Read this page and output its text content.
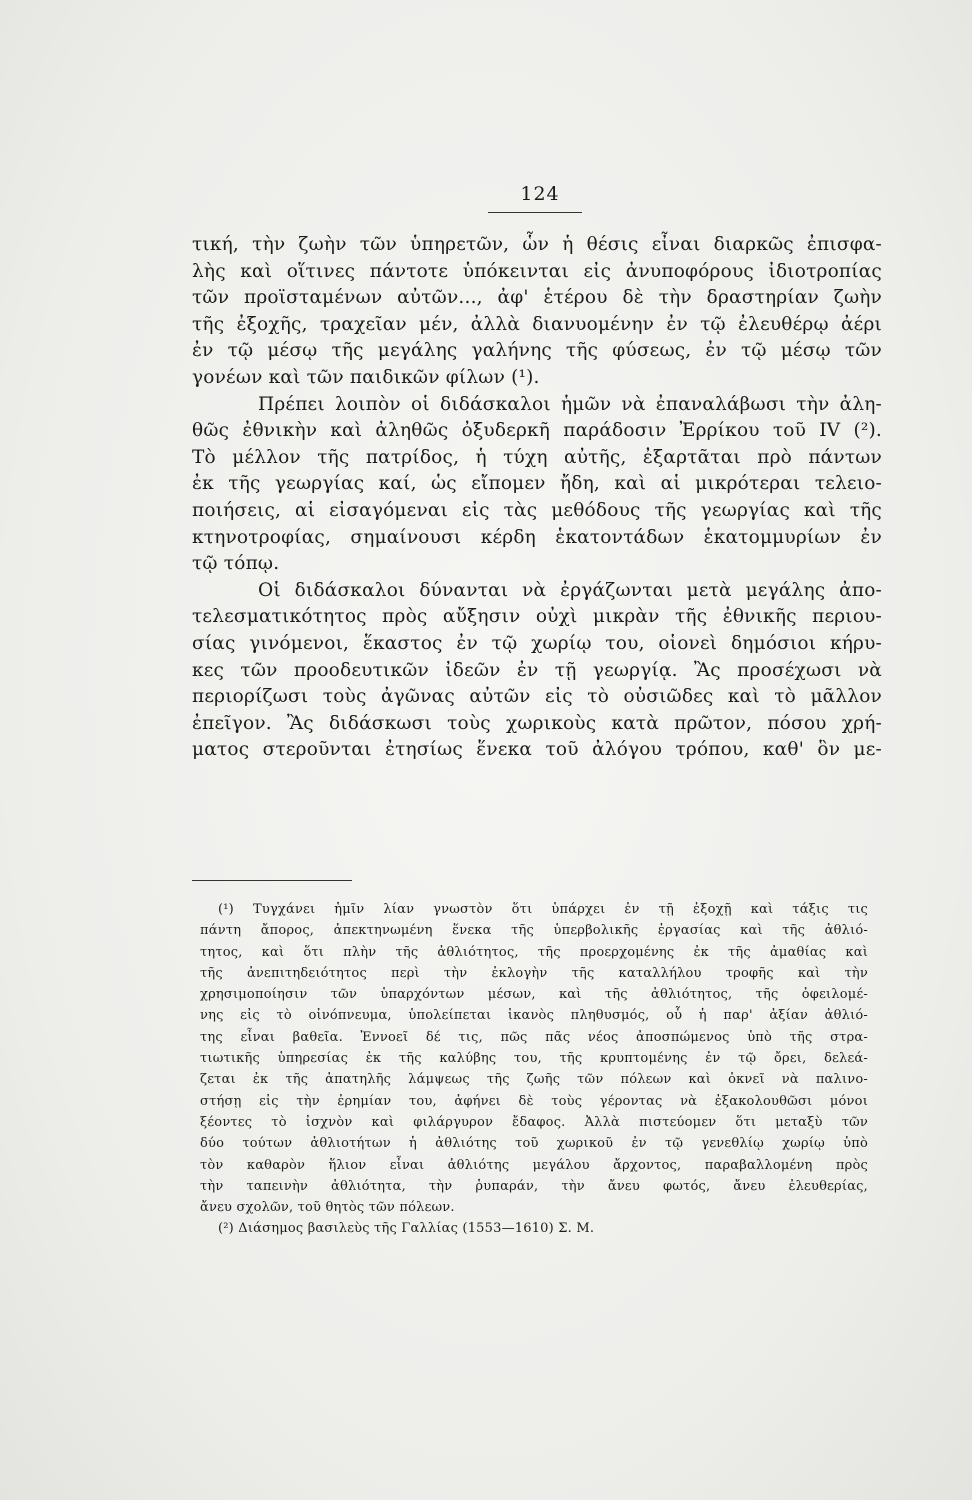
124
τική, τὴν ζωὴν τῶν ὑπηρετῶν, ὧν ἡ θέσις εἶναι διαρκῶς ἐπισφα-
λὴς καὶ οἵτινες πάντοτε ὑπόκεινται εἰς ἀνυποφόρους ἰδιοτροπίας
τῶν προϊσταμένων αὐτῶν..., ἀφ' ἑτέρου δὲ τὴν δραστηρίαν ζωὴν
τῆς ἐξοχῆς, τραχεῖαν μέν, ἀλλὰ διανυομένην ἐν τῷ ἐλευθέρῳ ἀέρι
ἐν τῷ μέσῳ τῆς μεγάλης γαλήνης τῆς φύσεως, ἐν τῷ μέσῳ τῶν
γονέων καὶ τῶν παιδικῶν φίλων (¹).
Πρέπει λοιπὸν οἱ διδάσκαλοι ἡμῶν νὰ ἐπαναλάβωσι τὴν ἀλη-
θῶς ἐθνικὴν καὶ ἀληθῶς ὀξυδερκῆ παράδοσιν Ἐρρίκου τοῦ IV (²).
Τὸ μέλλον τῆς πατρίδος, ἡ τύχη αὐτῆς, ἐξαρτᾶται πρὸ πάντων
ἐκ τῆς γεωργίας καί, ὡς εἴπομεν ἤδη, καὶ αἱ μικρότεραι τελειο-
ποιήσεις, αἱ εἰσαγόμεναι εἰς τὰς μεθόδους τῆς γεωργίας καὶ τῆς
κτηνοτροφίας, σημαίνουσι κέρδη ἑκατοντάδων ἑκατομμυρίων ἐν
τῷ τόπῳ.
Οἱ διδάσκαλοι δύνανται νὰ ἐργάζωνται μετὰ μεγάλης ἀπο-
τελεσματικότητος πρὸς αὔξησιν οὐχὶ μικρὰν τῆς ἐθνικῆς περιου-
σίας γινόμενοι, ἕκαστος ἐν τῷ χωρίῳ του, οἱονεὶ δημόσιοι κήρυ-
κες τῶν προοδευτικῶν ἰδεῶν ἐν τῇ γεωργίᾳ. Ἂς προσέχωσι νὰ
περιορίζωσι τοὺς ἀγῶνας αὐτῶν εἰς τὸ οὐσιῶδες καὶ τὸ μᾶλλον
ἐπεῖγον. Ἂς διδάσκωσι τοὺς χωρικοὺς κατὰ πρῶτον, πόσου χρή-
ματος στεροῦνται ἐτησίως ἕνεκα τοῦ ἀλόγου τρόπου, καθ' ὃν με-
(¹) Τυγχάνει ἡμῖν λίαν γνωστὸν ὅτι ὑπάρχει ἐν τῇ ἐξοχῇ καὶ τάξις τις
πάντη ἄπορος, ἀπεκτηνωμένη ἕνεκα τῆς ὑπερβολικῆς ἐργασίας καὶ τῆς ἀθλιό-
τητος, καὶ ὅτι πλὴν τῆς ἀθλιότητος, τῆς προερχομένης ἐκ τῆς ἀμαθίας καὶ
τῆς ἀνεπιτηδειότητος περὶ τὴν ἐκλογὴν τῆς καταλλήλου τροφῆς καὶ τὴν
χρησιμοποίησιν τῶν ὑπαρχόντων μέσων, καὶ τῆς ἀθλιότητος, τῆς ὀφειλομέ-
νης εἰς τὸ οἰνόπνευμα, ὑπολείπεται ἱκανὸς πληθυσμός, οὗ ἡ παρ' ἀξίαν ἀθλιό-
της εἶναι βαθεῖα. Ἐννοεῖ δέ τις, πῶς πᾶς νέος ἀποσπώμενος ὑπὸ τῆς στρα-
τιωτικῆς ὑπηρεσίας ἐκ τῆς καλύβης του, τῆς κρυπτομένης ἐν τῷ ὄρει, δελεά-
ζεται ἐκ τῆς ἀπατηλῆς λάμψεως τῆς ζωῆς τῶν πόλεων καὶ ὀκνεῖ νὰ παλινο-
στήσῃ εἰς τὴν ἐρημίαν του, ἀφήνει δὲ τοὺς γέροντας νὰ ἐξακολουθῶσι μόνοι
ξέοντες τὸ ἰσχνὸν καὶ φιλάργυρον ἔδαφος. Ἀλλὰ πιστεύομεν ὅτι μεταξὺ τῶν
δύο τούτων ἀθλιοτήτων ἡ ἀθλιότης τοῦ χωρικοῦ ἐν τῷ γενεθλίῳ χωρίῳ ὑπὸ
τὸν καθαρὸν ἥλιον εἶναι ἀθλιότης μεγάλου ἄρχοντος, παραβαλλομένη πρὸς
τὴν ταπεινὴν ἀθλιότητα, τὴν ῥυπαράν, τὴν ἄνευ φωτός, ἄνευ ἐλευθερίας,
ἄνευ σχολῶν, τοῦ θητὸς τῶν πόλεων.
(²) Διάσημος βασιλεὺς τῆς Γαλλίας (1553—1610) Σ. Μ.
